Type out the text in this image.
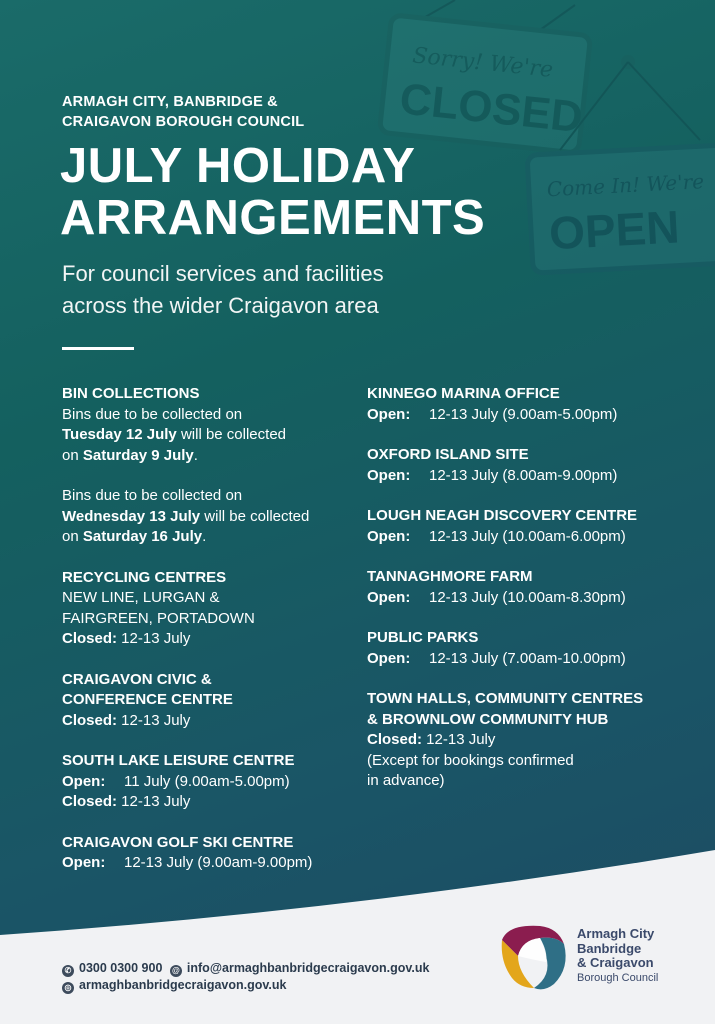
Sorry! We're
CLOSED
Come In! We're
OPEN
ARMAGH CITY, BANBRIDGE &
CRAIGAVON BOROUGH COUNCIL
JULY HOLIDAY
ARRANGEMENTS
For council services and facilities
across the wider Craigavon area
BIN COLLECTIONS
Bins due to be collected on
Tuesday 12 July will be collected
on Saturday 9 July.
Bins due to be collected on
Wednesday 13 July will be collected
on Saturday 16 July.
RECYCLING CENTRES
NEW LINE, LURGAN &
FAIRGREEN, PORTADOWN
Closed: 12-13 July
CRAIGAVON CIVIC &
CONFERENCE CENTRE
Closed: 12-13 July
SOUTH LAKE LEISURE CENTRE
Open: 11 July (9.00am-5.00pm)
Closed: 12-13 July
CRAIGAVON GOLF SKI CENTRE
Open: 12-13 July (9.00am-9.00pm)
KINNEGO MARINA OFFICE
Open: 12-13 July (9.00am-5.00pm)
OXFORD ISLAND SITE
Open: 12-13 July (8.00am-9.00pm)
LOUGH NEAGH DISCOVERY CENTRE
Open: 12-13 July (10.00am-6.00pm)
TANNAGHMORE FARM
Open: 12-13 July (10.00am-8.30pm)
PUBLIC PARKS
Open: 12-13 July (7.00am-10.00pm)
TOWN HALLS, COMMUNITY CENTRES
& BROWNLOW COMMUNITY HUB
Closed: 12-13 July
(Except for bookings confirmed
in advance)
✆ 0300 0300 900 @ info@armaghbanbridgecraigavon.gov.uk
◎ armaghbanbridgecraigavon.gov.uk
Armagh City
Banbridge
& Craigavon
Borough Council
